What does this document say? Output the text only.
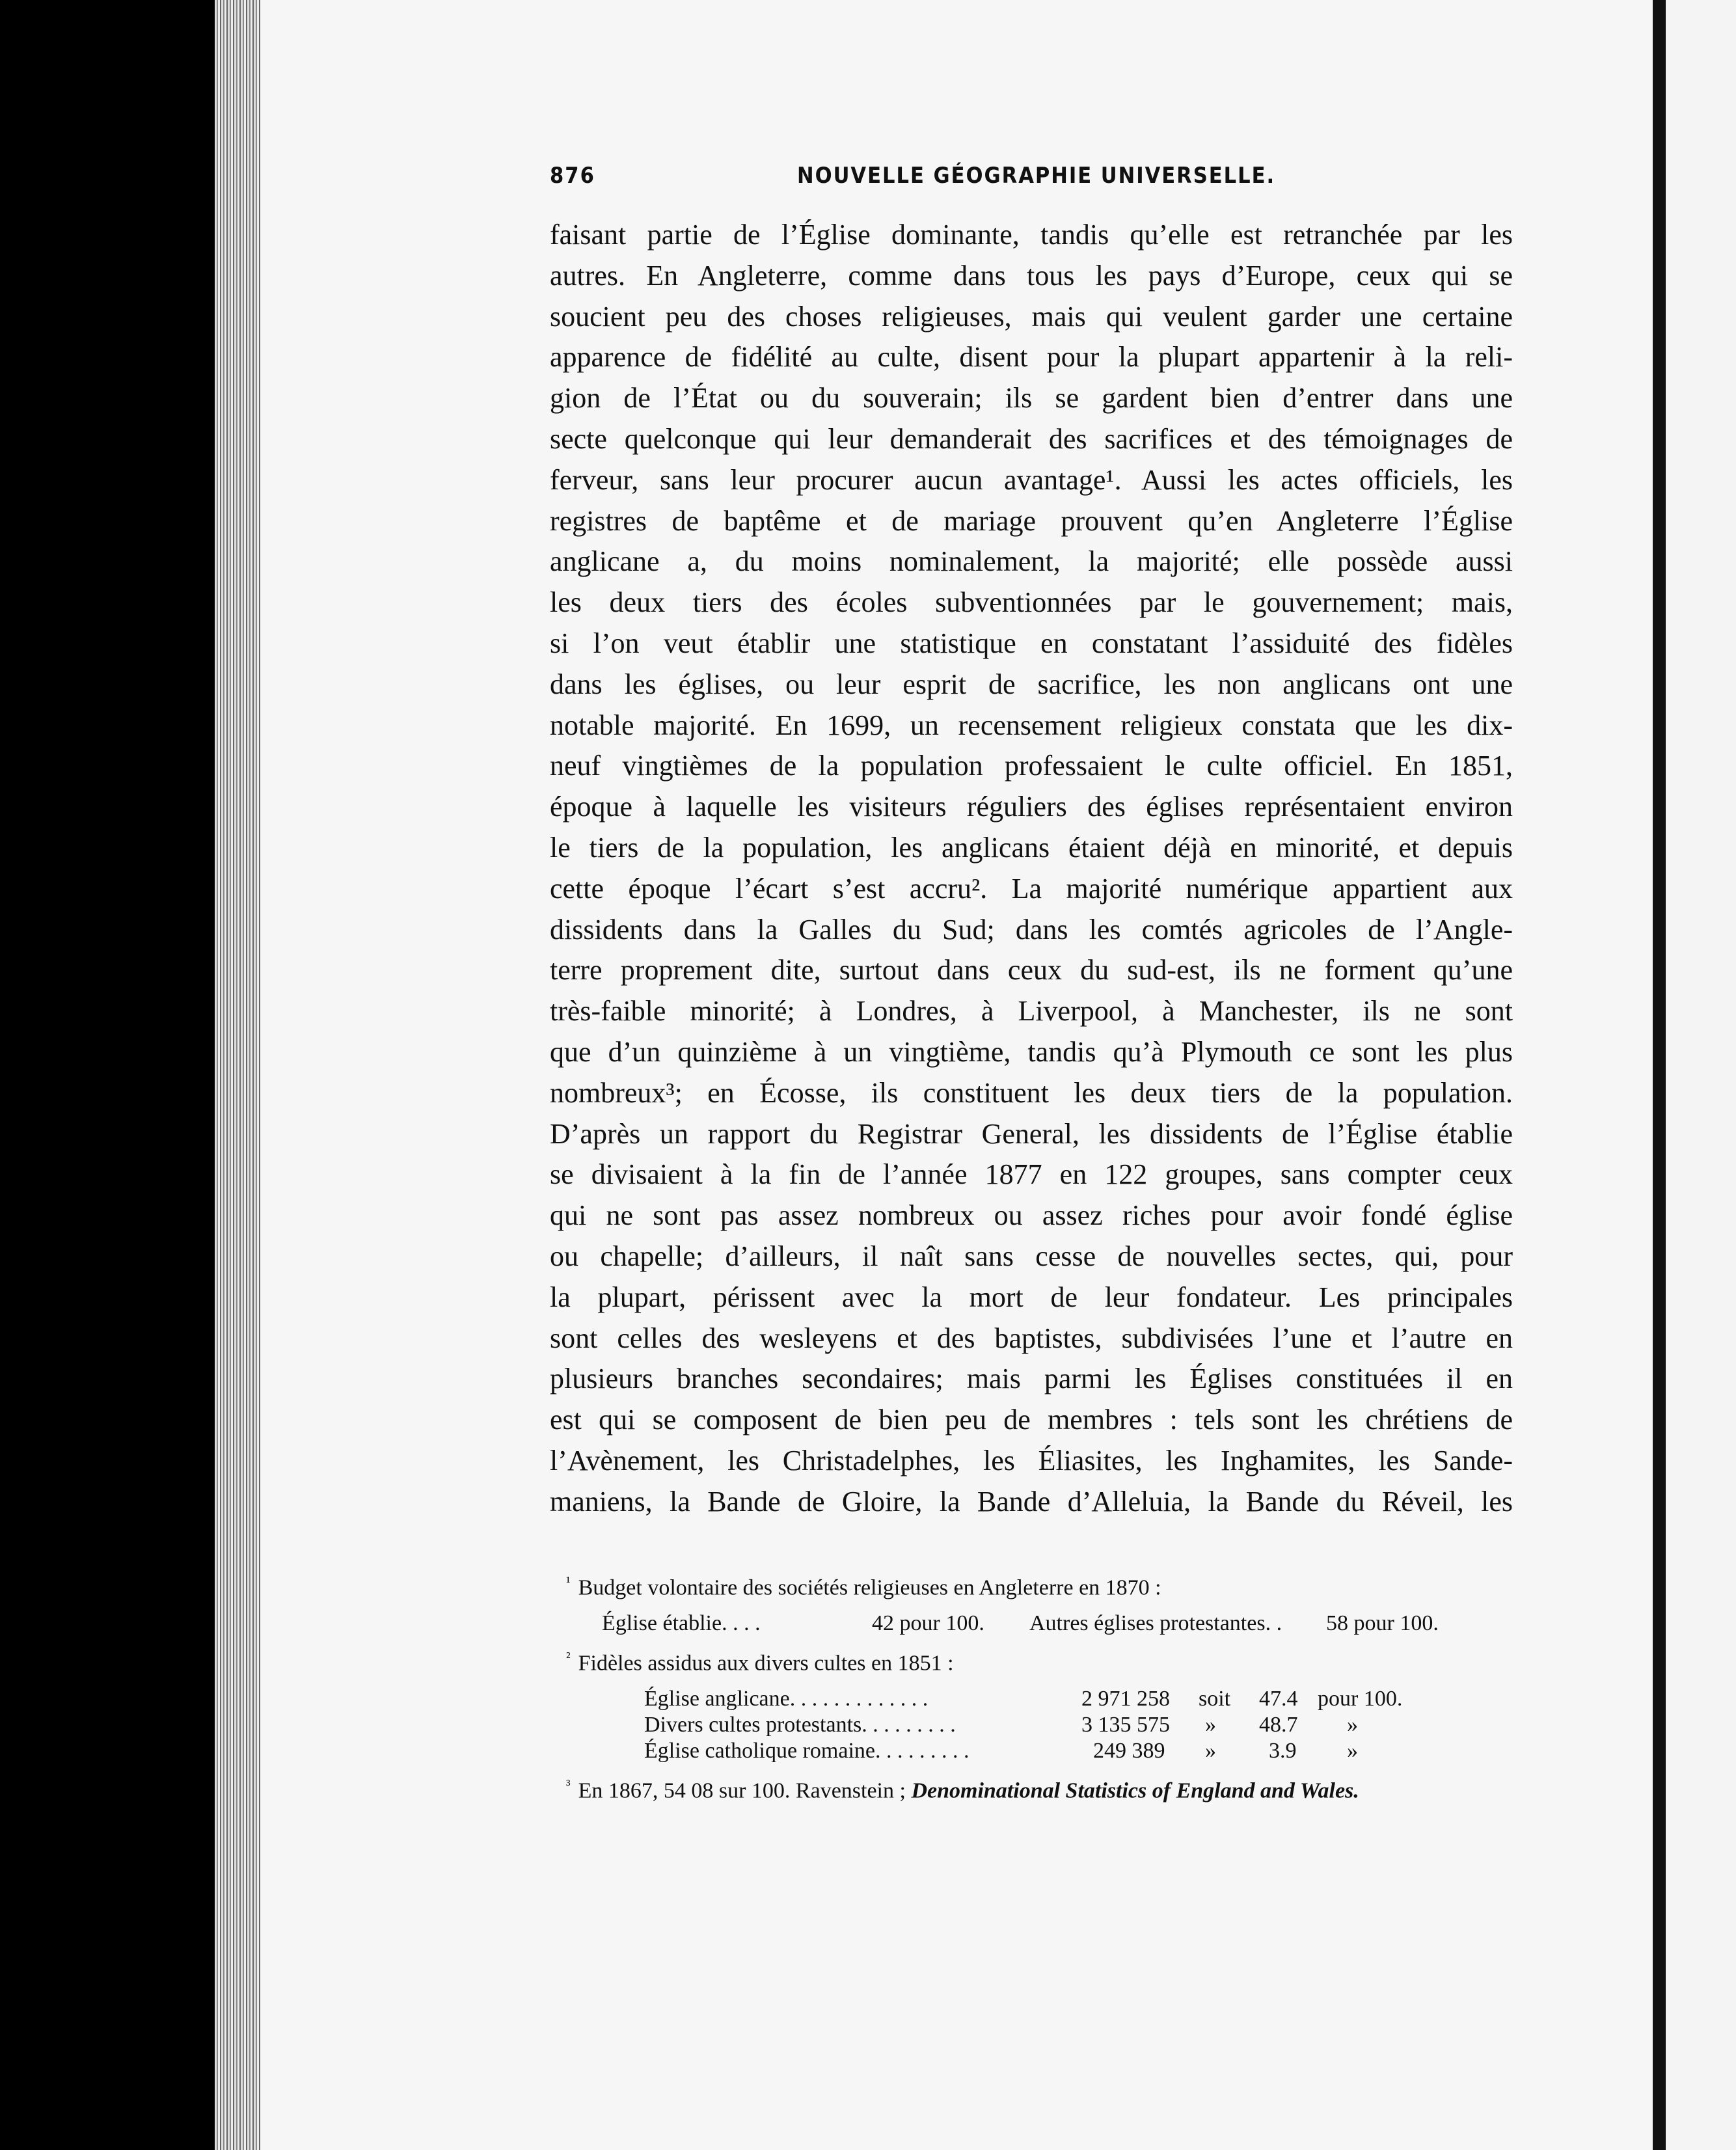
876	NOUVELLE GÉOGRAPHIE UNIVERSELLE.
faisant partie de l’Église dominante, tandis qu’elle est retranchée par les
autres. En Angleterre, comme dans tous les pays d’Europe, ceux qui se
soucient peu des choses religieuses, mais qui veulent garder une certaine
apparence de fidélité au culte, disent pour la plupart appartenir à la reli-
gion de l’État ou du souverain; ils se gardent bien d’entrer dans une
secte quelconque qui leur demanderait des sacrifices et des témoignages de
ferveur, sans leur procurer aucun avantage¹. Aussi les actes officiels, les
registres de baptême et de mariage prouvent qu’en Angleterre l’Église
anglicane a, du moins nominalement, la majorité; elle possède aussi
les deux tiers des écoles subventionnées par le gouvernement; mais,
si l’on veut établir une statistique en constatant l’assiduité des fidèles
dans les églises, ou leur esprit de sacrifice, les non anglicans ont une
notable majorité. En 1699, un recensement religieux constata que les dix-
neuf vingtièmes de la population professaient le culte officiel. En 1851,
époque à laquelle les visiteurs réguliers des églises représentaient environ
le tiers de la population, les anglicans étaient déjà en minorité, et depuis
cette époque l’écart s’est accru². La majorité numérique appartient aux
dissidents dans la Galles du Sud; dans les comtés agricoles de l’Angle-
terre proprement dite, surtout dans ceux du sud-est, ils ne forment qu’une
très-faible minorité; à Londres, à Liverpool, à Manchester, ils ne sont
que d’un quinzième à un vingtième, tandis qu’à Plymouth ce sont les plus
nombreux³; en Écosse, ils constituent les deux tiers de la population.
D’après un rapport du Registrar General, les dissidents de l’Église établie
se divisaient à la fin de l’année 1877 en 122 groupes, sans compter ceux
qui ne sont pas assez nombreux ou assez riches pour avoir fondé église
ou chapelle; d’ailleurs, il naît sans cesse de nouvelles sectes, qui, pour
la plupart, périssent avec la mort de leur fondateur. Les principales
sont celles des wesleyens et des baptistes, subdivisées l’une et l’autre en
plusieurs branches secondaires; mais parmi les Églises constituées il en
est qui se composent de bien peu de membres : tels sont les chrétiens de
l’Avènement, les Christadelphes, les Éliasites, les Inghamites, les Sande-
maniens, la Bande de Gloire, la Bande d’Alleluia, la Bande du Réveil, les
$^{^1}$ Budget volontaire des sociétés religieuses en Angleterre en 1870 :
Église établie. . . .	42 pour 100. Autres églises protestantes. . 58 pour 100.
$^{^2}$ Fidèles assidus aux divers cultes en 1851 :
Église anglicane. . . . . . . . . . . . .	2 971 258 soit 47.4 pour 100.
Divers cultes protestants. . . . . . . . .	3 135 575 » 48.7 »
Église catholique romaine. . . . . . . . .	249 389 » 3.9 »
$^{^3}$ En 1867, 54 08 sur 100. Ravenstein ; Denominational Statistics of England and Wales.
